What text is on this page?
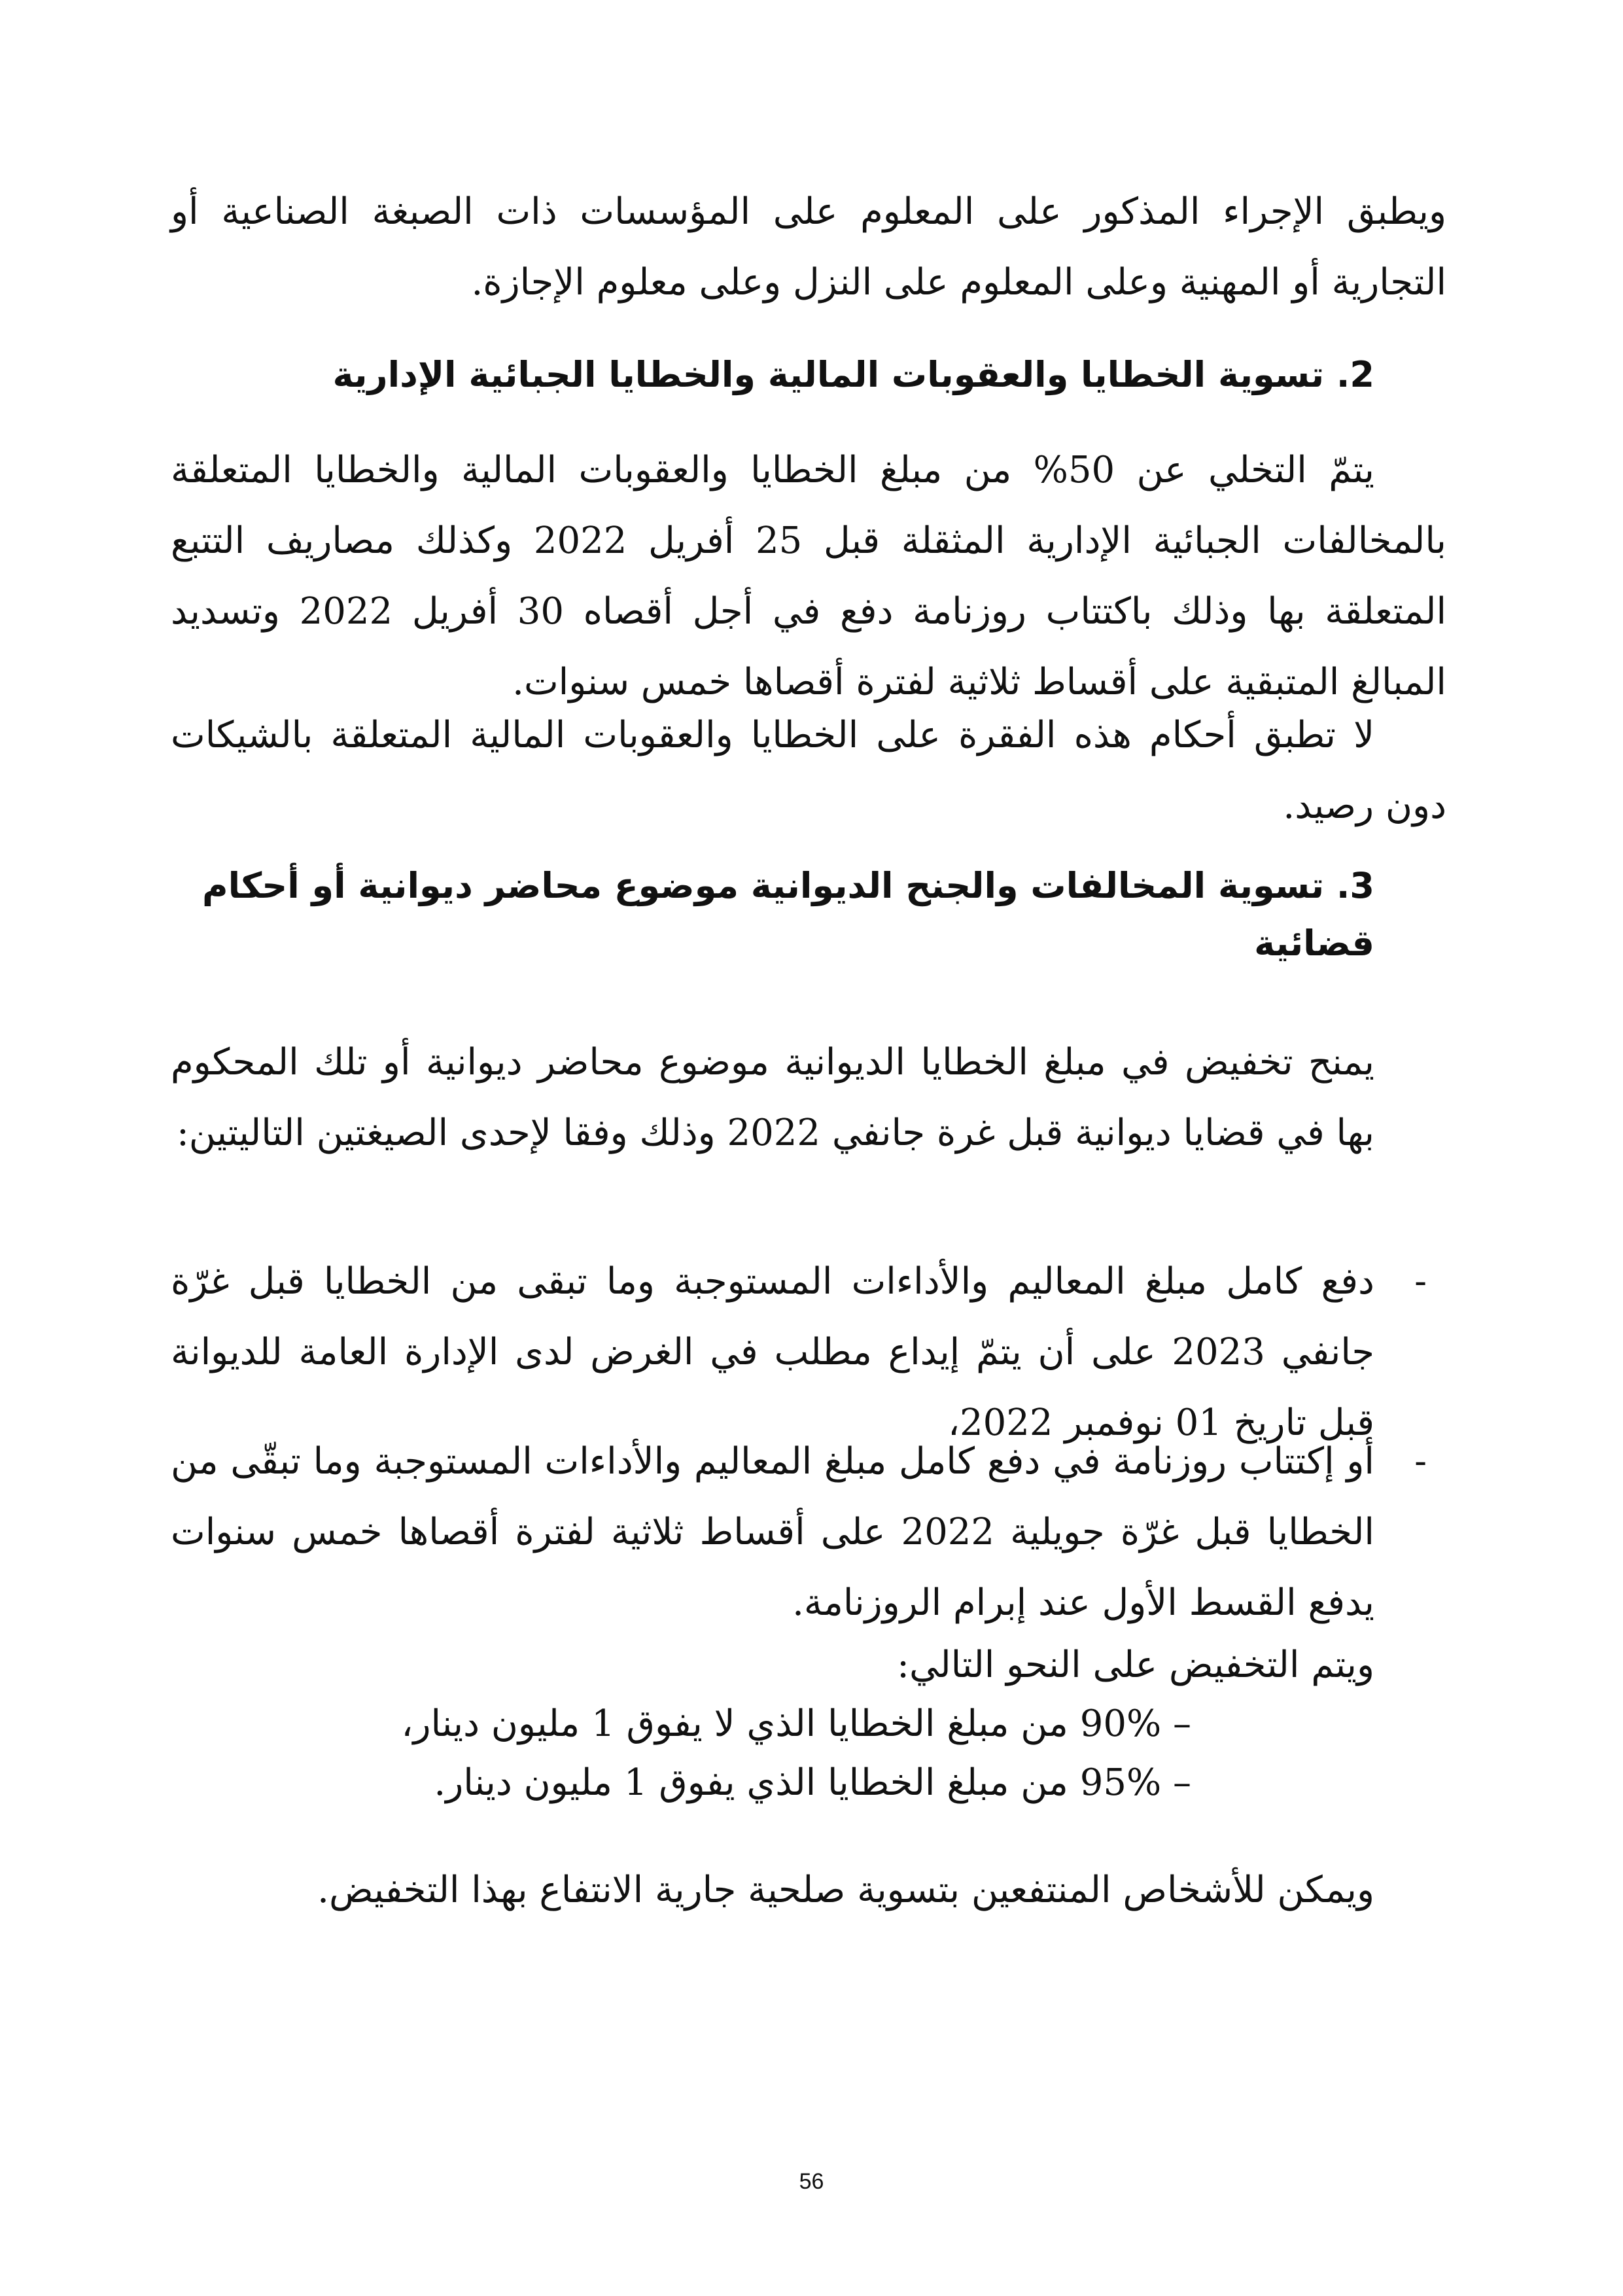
ويطبق الإجراء المذكور على المعلوم على المؤسسات ذات الصبغة الصناعية أو التجارية أو المهنية وعلى المعلوم على النزل وعلى معلوم الإجازة.

2. تسوية الخطايا والعقوبات المالية والخطايا الجبائية الإدارية

يتمّ التخلي عن 50% من مبلغ الخطايا والعقوبات المالية والخطايا المتعلقة بالمخالفات الجبائية الإدارية المثقلة قبل 25 أفريل 2022 وكذلك مصاريف التتبع المتعلقة بها وذلك باكتتاب روزنامة دفع في أجل أقصاه 30 أفريل 2022 وتسديد المبالغ المتبقية على أقساط ثلاثية لفترة أقصاها خمس سنوات.

لا تطبق أحكام هذه الفقرة على الخطايا والعقوبات المالية المتعلقة بالشيكات دون رصيد.

3. تسوية المخالفات والجنح الديوانية موضوع محاضر ديوانية أو أحكام قضائية

يمنح تخفيض في مبلغ الخطايا الديوانية موضوع محاضر ديوانية أو تلك المحكوم بها في قضايا ديوانية قبل غرة جانفي 2022 وذلك وفقا لإحدى الصيغتين التاليتين:

-
دفع كامل مبلغ المعاليم والأداءات المستوجبة وما تبقى من الخطايا قبل غرّة جانفي 2023 على أن يتمّ إيداع مطلب في الغرض لدى الإدارة العامة للديوانة قبل تاريخ 01 نوفمبر 2022،
-
أو إكتتاب روزنامة في دفع كامل مبلغ المعاليم والأداءات المستوجبة وما تبقّى من الخطايا قبل غرّة جويلية 2022 على أقساط ثلاثية لفترة أقصاها خمس سنوات يدفع القسط الأول عند إبرام الروزنامة.

ويتم التخفيض على النحو التالي:

– 90% من مبلغ الخطايا الذي لا يفوق 1 مليون دينار،
– 95% من مبلغ الخطايا الذي يفوق 1 مليون دينار.

ويمكن للأشخاص المنتفعين بتسوية صلحية جارية الانتفاع بهذا التخفيض.

56
